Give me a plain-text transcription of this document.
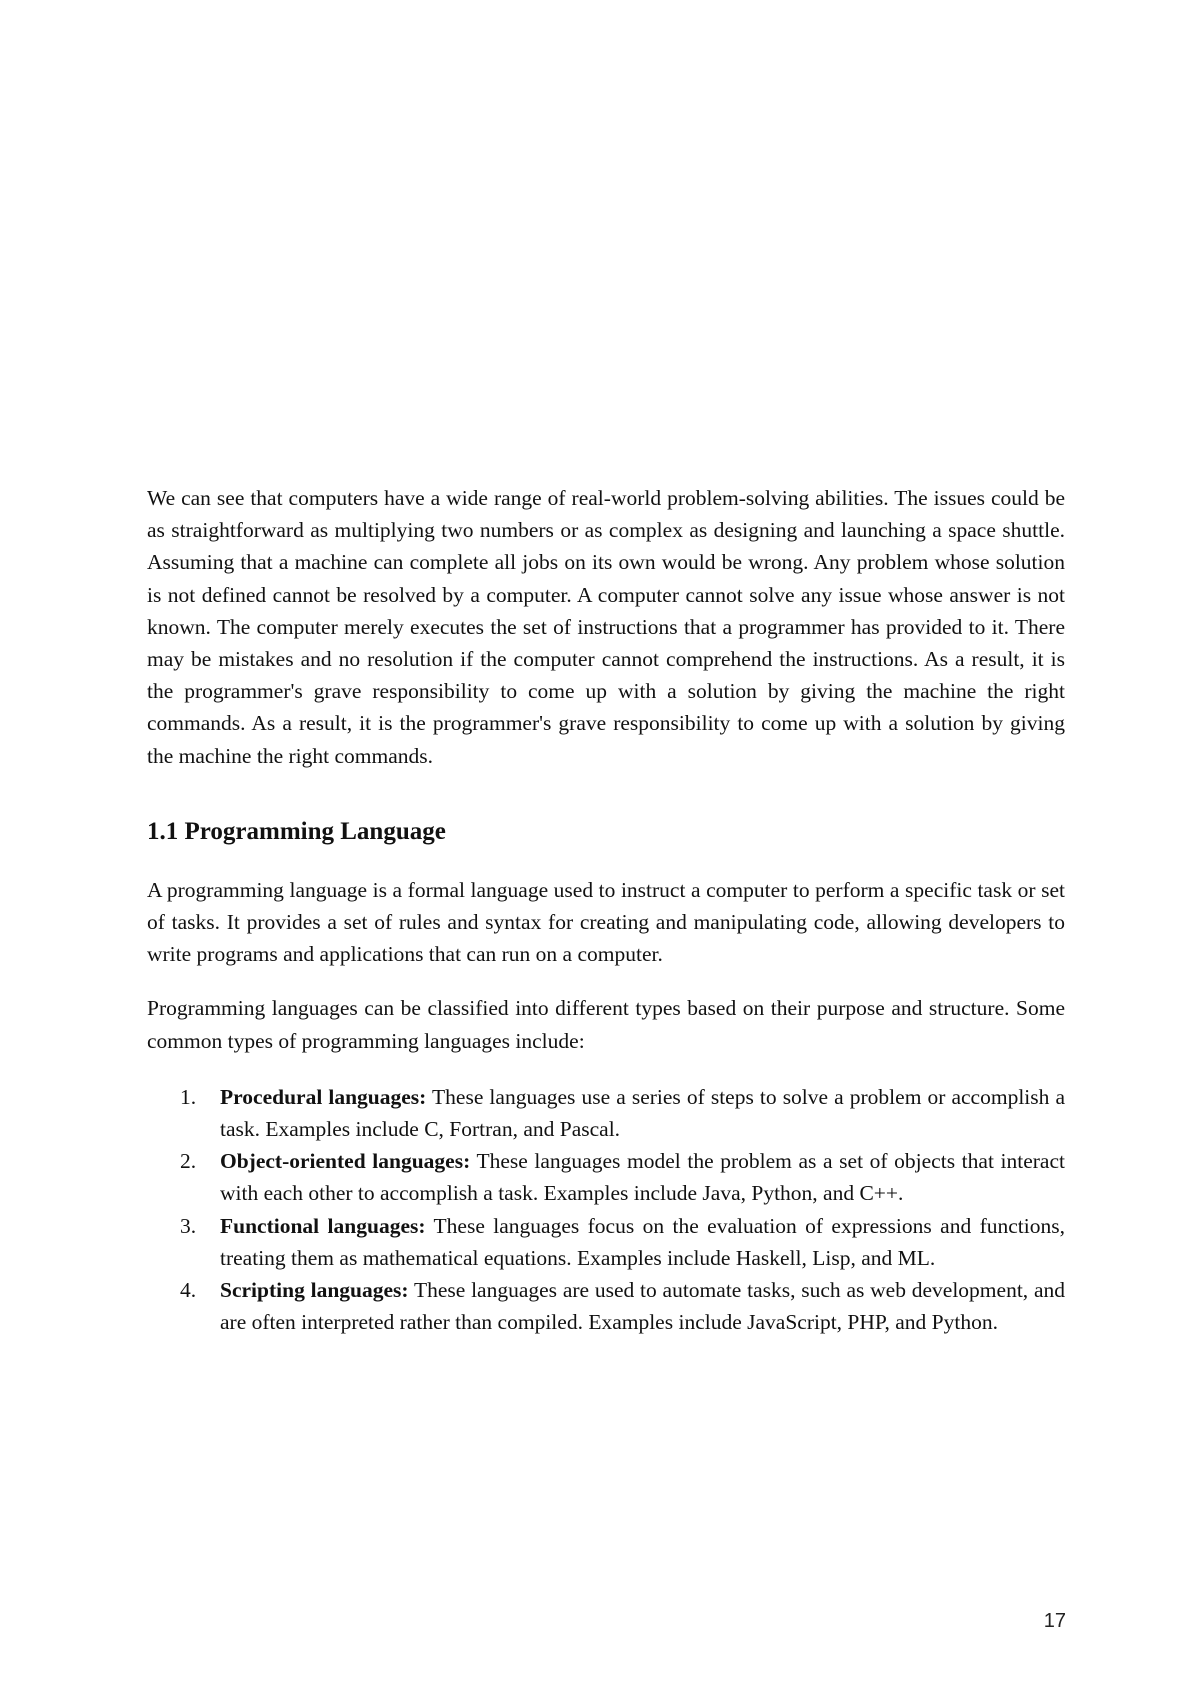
We can see that computers have a wide range of real-world problem-solving abilities. The issues could be as straightforward as multiplying two numbers or as complex as designing and launching a space shuttle. Assuming that a machine can complete all jobs on its own would be wrong. Any problem whose solution is not defined cannot be resolved by a computer. A computer cannot solve any issue whose answer is not known. The computer merely executes the set of instructions that a programmer has provided to it. There may be mistakes and no resolution if the computer cannot comprehend the instructions. As a result, it is the programmer's grave responsibility to come up with a solution by giving the machine the right commands. As a result, it is the programmer's grave responsibility to come up with a solution by giving the machine the right commands.

1.1 Programming Language

A programming language is a formal language used to instruct a computer to perform a specific task or set of tasks. It provides a set of rules and syntax for creating and manipulating code, allowing developers to write programs and applications that can run on a computer.

Programming languages can be classified into different types based on their purpose and structure. Some common types of programming languages include:

1. Procedural languages: These languages use a series of steps to solve a problem or accomplish a task. Examples include C, Fortran, and Pascal.
2. Object-oriented languages: These languages model the problem as a set of objects that interact with each other to accomplish a task. Examples include Java, Python, and C++.
3. Functional languages: These languages focus on the evaluation of expressions and functions, treating them as mathematical equations. Examples include Haskell, Lisp, and ML.
4. Scripting languages: These languages are used to automate tasks, such as web development, and are often interpreted rather than compiled. Examples include JavaScript, PHP, and Python.
17
